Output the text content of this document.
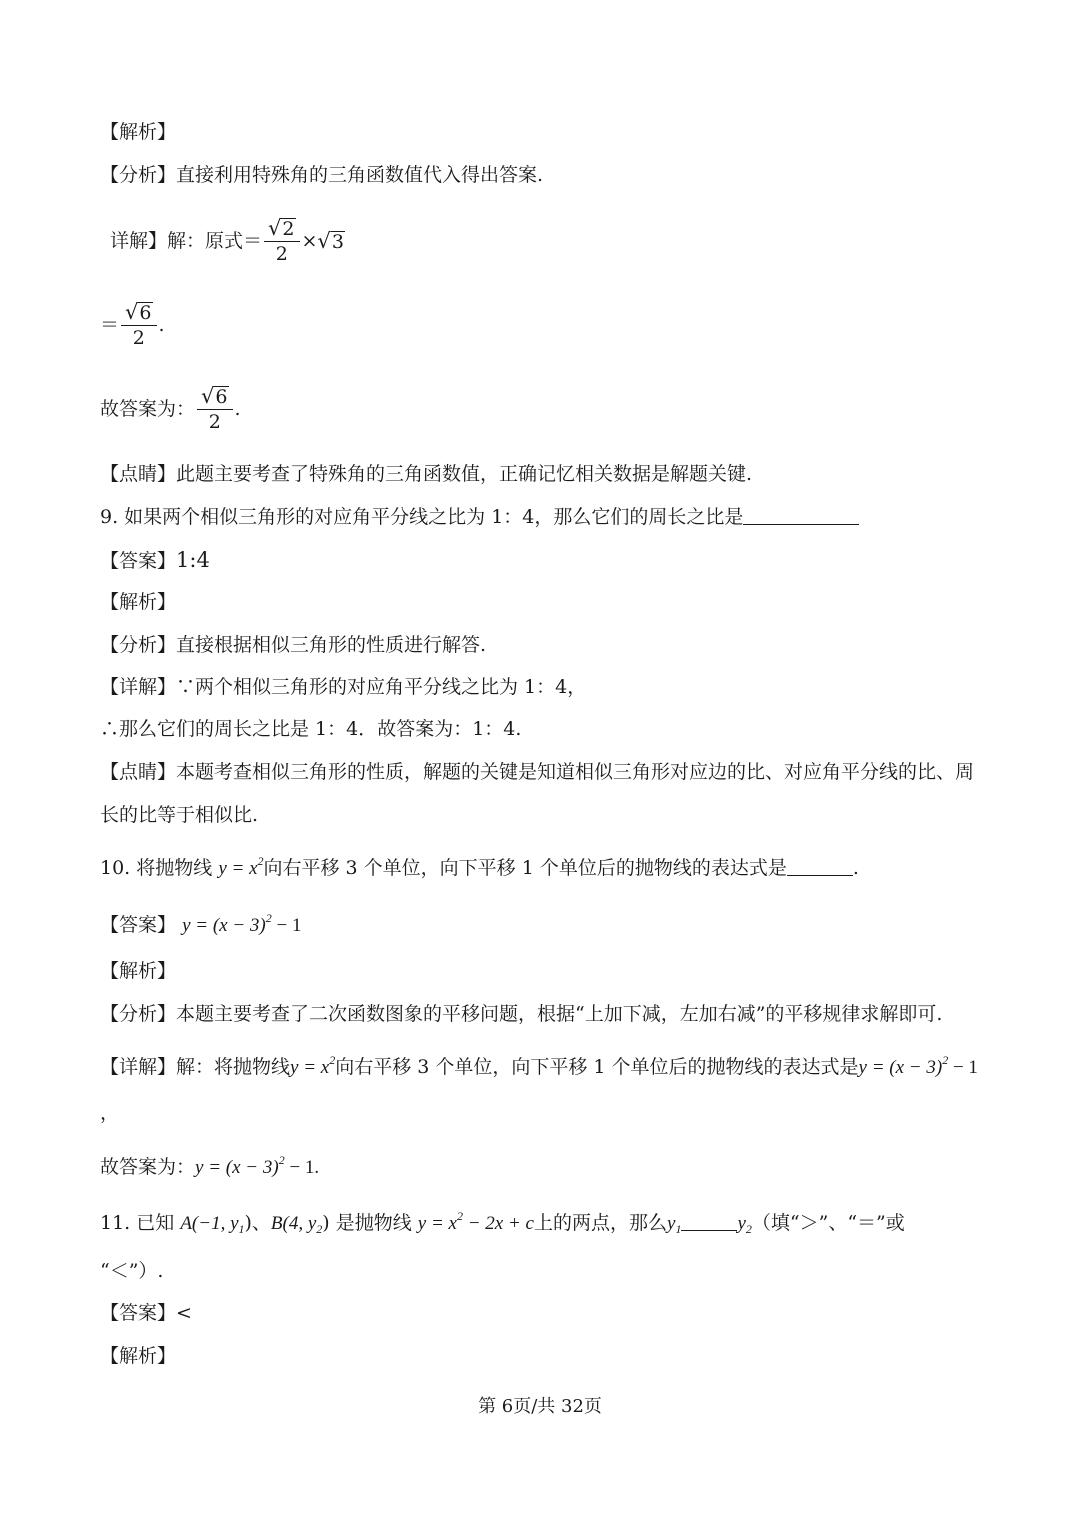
【解析】
【分析】直接利用特殊角的三角函数值代入得出答案.
详解】解：原式＝ $\frac{√ 2}{2}$ × √ 3
＝ $\frac{√ 6}{2}$ .
故答案为： $\frac{√ 6}{2}$ .
【点睛】此题主要考查了特殊角的三角函数值，正确记忆相关数据是解题关键.
9. 如果两个相似三角形的对应角平分线之比为 1：4，那么它们的周长之比是
【答案】1:4
【解析】
【分析】直接根据相似三角形的性质进行解答.
【详解】∵两个相似三角形的对应角平分线之比为 1：4，
∴那么它们的周长之比是 1：4．故答案为：1：4.
【点睛】本题考查相似三角形的性质，解题的关键是知道相似三角形对应边的比、对应角平分线的比、周
长的比等于相似比.
10. 将抛物线 $y = x^2$向右平移 3 个单位，向下平移 1 个单位后的抛物线的表达式是	.
【答案】 $y = (x - 3)^2 - 1$
【解析】
【分析】本题主要考查了二次函数图象的平移问题，根据“上加下减，左加右减”的平移规律求解即可.
【详解】解：将抛物线$y = x^2$向右平移 3 个单位，向下平移 1 个单位后的抛物线的表达式是$y = (x - 3)^2 - 1$
，
故答案为：$y = (x - 3)^2 - 1$.
11. 已知 A(−1, $y_1$)、B(4, $y_2$) 是抛物线 $y = x^2 - 2x + c$上的两点，那么$y_1$	$y_2$（填“＞”、“＝”或
“＜”）.
【答案】<
【解析】
第 6页/共 32页
